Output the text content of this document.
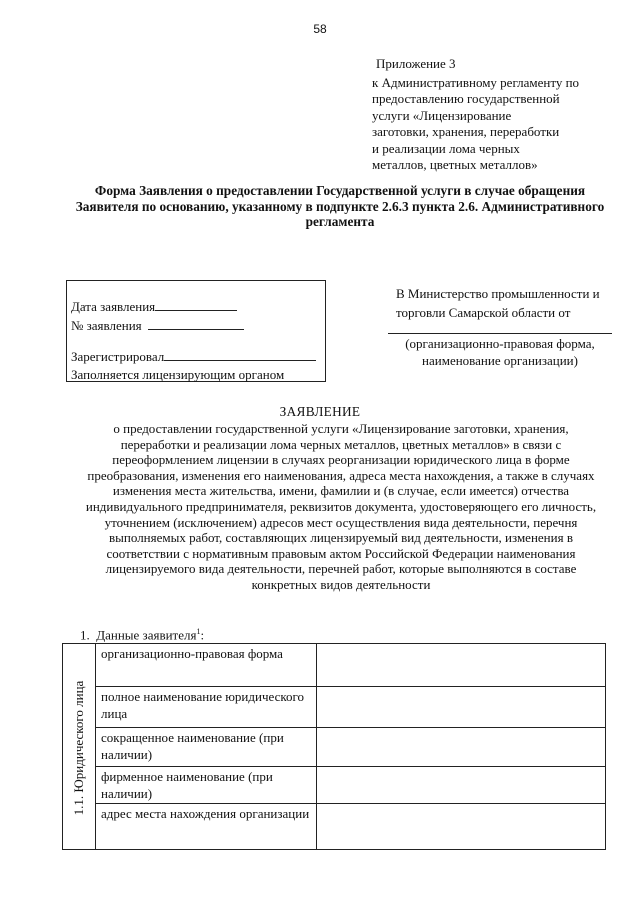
58
Приложение 3
к Административному регламенту по
предоставлению государственной
услуги «Лицензирование
заготовки, хранения, переработки
и реализации лома черных
металлов, цветных металлов»
Форма Заявления о предоставлении Государственной услуги в случае обращения
Заявителя по основанию, указанному в подпункте 2.6.3 пункта 2.6. Административного
регламента
Дата заявления
№ заявления
Зарегистрировал
Заполняется лицензирующим органом
В Министерство промышленности и
торговли Самарской области от
(организационно-правовая форма,
наименование организации)
ЗАЯВЛЕНИЕ
о предоставлении государственной услуги «Лицензирование заготовки, хранения,
переработки и реализации лома черных металлов, цветных металлов» в связи с
переоформлением лицензии в случаях реорганизации юридического лица в форме
преобразования, изменения его наименования, адреса места нахождения, а также в случаях
изменения места жительства, имени, фамилии и (в случае, если имеется) отчества
индивидуального предпринимателя, реквизитов документа, удостоверяющего его личность,
уточнением (исключением) адресов мест осуществления вида деятельности, перечня
выполняемых работ, составляющих лицензируемый вид деятельности, изменения в
соответствии с нормативным правовым актом Российской Федерации наименования
лицензируемого вида деятельности, перечней работ, которые выполняются в составе
конкретных видов деятельности
1. Данные заявителя$^1$:
1.1. Юридического лица
организационно-правовая форма
полное наименование юридического лица
сокращенное наименование (при наличии)
фирменное наименование (при наличии)
адрес места нахождения организации
